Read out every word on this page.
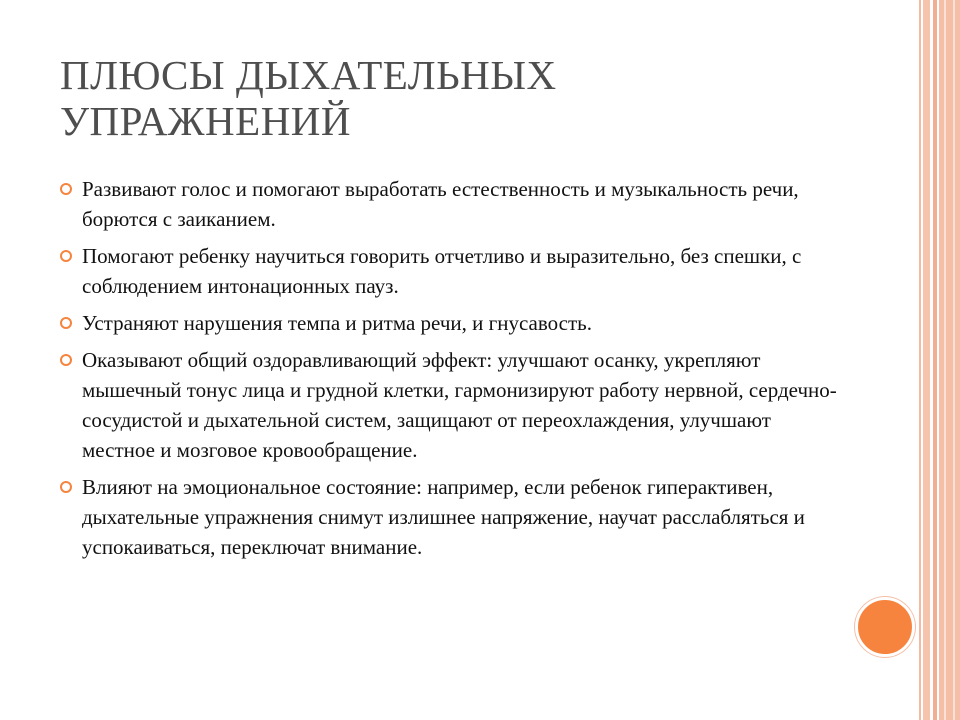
ПЛЮСЫ ДЫХАТЕЛЬНЫХ УПРАЖНЕНИЙ
Развивают голос и помогают выработать естественность и музыкальность речи, борются с заиканием.
Помогают ребенку научиться говорить отчетливо и выразительно, без спешки, с соблюдением интонационных пауз.
Устраняют нарушения темпа и ритма речи, и гнусавость.
Оказывают общий оздоравливающий эффект: улучшают осанку, укрепляют мышечный тонус лица и грудной клетки, гармонизируют работу нервной, сердечно-сосудистой и дыхательной систем, защищают от переохлаждения, улучшают местное и мозговое кровообращение.
Влияют на эмоциональное состояние: например, если ребенок гиперактивен, дыхательные упражнения снимут излишнее напряжение, научат расслабляться и успокаиваться, переключат внимание.
